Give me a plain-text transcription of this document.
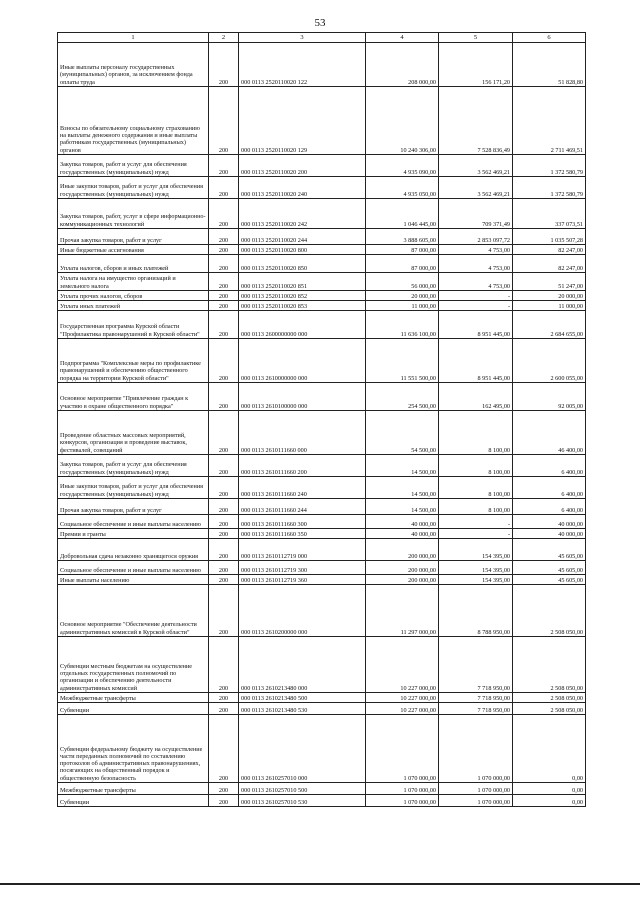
53
1	2	3	4	5	6
Иные выплаты персоналу государственных (муниципальных) органов, за исключением фонда оплаты труда	200	000 0113 2520110020 122	208 000,00	156 171,20	51 828,80
Взносы по обязательному социальному страхованию на выплаты денежного содержания и иные выплаты работникам государственных (муниципальных) органов	200	000 0113 2520110020 129	10 240 306,00	7 528 836,49	2 711 469,51
Закупка товаров, работ и услуг для обеспечения государственных (муниципальных) нужд	200	000 0113 2520110020 200	4 935 090,00	3 562 469,21	1 372 580,79
Иные закупки товаров, работ и услуг для обеспечения государственных (муниципальных) нужд	200	000 0113 2520110020 240	4 935 050,00	3 562 469,21	1 372 580,79
Закупка товаров, работ, услуг в сфере информационно-коммуникационных технологий	200	000 0113 2520110020 242	1 046 445,00	709 371,49	337 073,51
Прочая закупка товаров, работ и услуг	200	000 0113 2520110020 244	3 888 605,00	2 853 097,72	1 035 507,28
Иные бюджетные ассигнования	200	000 0113 2520110020 800	87 000,00	4 753,00	82 247,00
Уплата налогов, сборов и иных платежей	200	000 0113 2520110020 850	87 000,00	4 753,00	82 247,00
Уплата налога на имущество организаций и земельного налога	200	000 0113 2520110020 851	56 000,00	4 753,00	51 247,00
Уплата прочих налогов, сборов	200	000 0113 2520110020 852	20 000,00	-	20 000,00
Уплата иных платежей	200	000 0113 2520110020 853	11 000,00	-	11 000,00
Государственная программа Курской области "Профилактика правонарушений в Курской области"	200	000 0113 2600000000 000	11 636 100,00	8 951 445,00	2 684 655,00
Подпрограмма "Комплексные меры по профилактике правонарушений и обеспечению общественного порядка на территории Курской области"	200	000 0113 2610000000 000	11 551 500,00	8 951 445,00	2 600 055,00
Основное мероприятие "Привлечение граждан к участию в охране общественного порядка"	200	000 0113 2610100000 000	254 500,00	162 495,00	92 005,00
Проведение областных массовых мероприятий, конкурсов, организация и проведение выставок, фестивалей, совещаний	200	000 0113 2610111660 000	54 500,00	8 100,00	46 400,00
Закупка товаров, работ и услуг для обеспечения государственных (муниципальных) нужд	200	000 0113 2610111660 200	14 500,00	8 100,00	6 400,00
Иные закупки товаров, работ и услуг для обеспечения государственных (муниципальных) нужд	200	000 0113 2610111660 240	14 500,00	8 100,00	6 400,00
Прочая закупка товаров, работ и услуг	200	000 0113 2610111660 244	14 500,00	8 100,00	6 400,00
Социальное обеспечение и иные выплаты населению	200	000 0113 2610111660 300	40 000,00	-	40 000,00
Премии и гранты	200	000 0113 2610111660 350	40 000,00	-	40 000,00
Добровольная сдача незаконно хранящегося оружия	200	000 0113 2610112719 000	200 000,00	154 395,00	45 605,00
Социальное обеспечение и иные выплаты населению	200	000 0113 2610112719 300	200 000,00	154 395,00	45 605,00
Иные выплаты населению	200	000 0113 2610112719 360	200 000,00	154 395,00	45 605,00
Основное мероприятие "Обеспечение деятельности административных комиссий в Курской области"	200	000 0113 2610200000 000	11 297 000,00	8 788 950,00	2 508 050,00
Субвенции местным бюджетам на осуществление отдельных государственных полномочий по организации и обеспечению деятельности административных комиссий	200	000 0113 2610213480 000	10 227 000,00	7 718 950,00	2 508 050,00
Межбюджетные трансферты	200	000 0113 2610213480 500	10 227 000,00	7 718 950,00	2 508 050,00
Субвенции	200	000 0113 2610213480 530	10 227 000,00	7 718 950,00	2 508 050,00
Субвенции федеральному бюджету на осуществление части переданных полномочий по составлению протоколов об административных правонарушениях, посягающих на общественный порядок и общественную безопасность	200	000 0113 2610257010 000	1 070 000,00	1 070 000,00	0,00
Межбюджетные трансферты	200	000 0113 2610257010 500	1 070 000,00	1 070 000,00	0,00
Субвенции	200	000 0113 2610257010 530	1 070 000,00	1 070 000,00	0,00
